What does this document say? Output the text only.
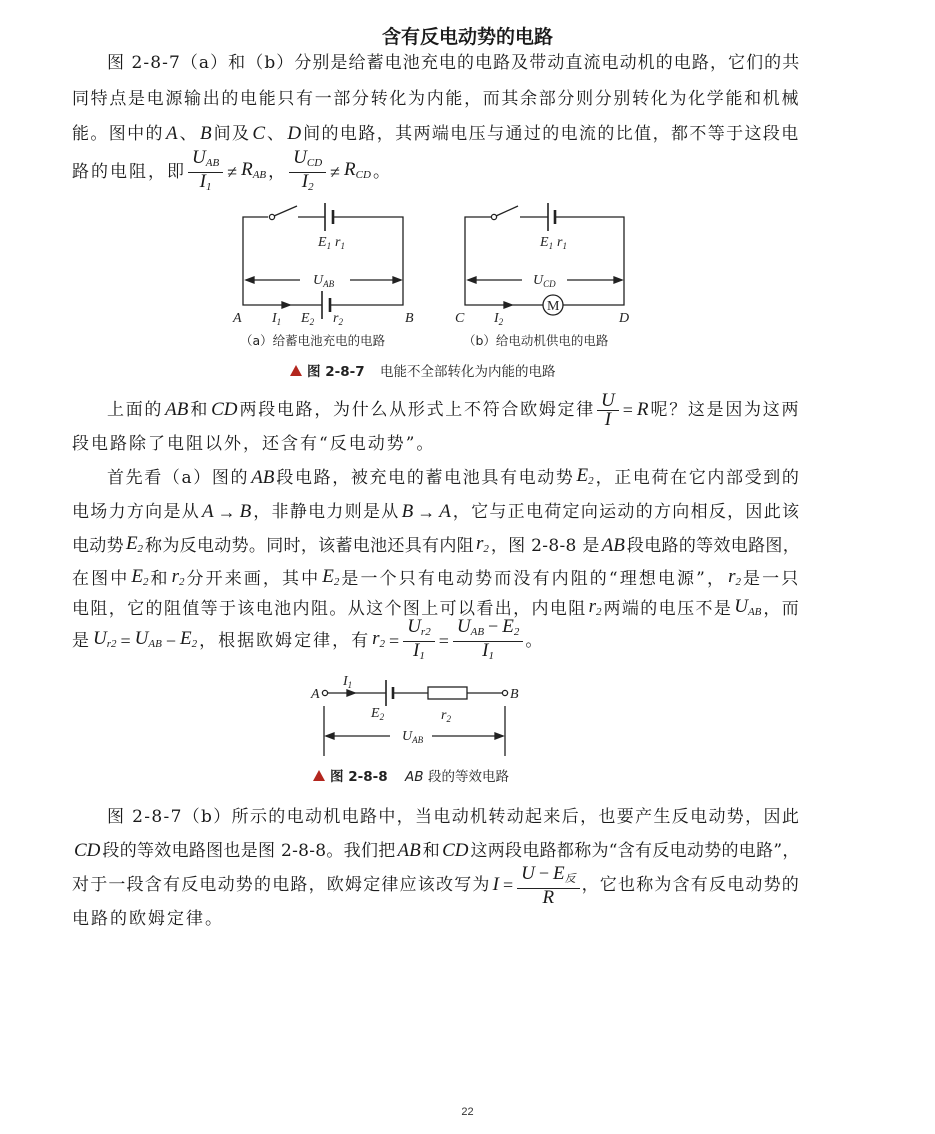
含有反电动势的电路
图 2-8-7（a）和（b）分别是给蓄电池充电的电路及带动直流电动机的电路，它们的共
同特点是电源输出的电能只有一部分转化为内能，而其余部分则分别转化为化学能和机械
能。图中的 A 、 B 间及 C 、 D 间的电路，其两端电压与通过的电流的比值，都不等于这段电
路的电阻，即 $\frac{U_{AB}}{I_1} \ne R_{AB}$ ， $\frac{U_{CD}}{I_2} \ne R_{CD}$ 。
上面的 AB 和 CD 两段电路，为什么从形式上不符合欧姆定律 $\frac{U}{I} = R$ 呢？这是因为这两
段电路除了电阻以外，还含有“反电动势”。
首先看（a）图的 AB 段电路，被充电的蓄电池具有电动势 $E_2$ ，正电荷在它内部受到的
电场力方向是从 A → B ，非静电力则是从 B → A ，它与正电荷定向运动的方向相反，因此该
电动势 $E_2$ 称为反电动势。同时，该蓄电池还具有内阻 $r_2$ ，图 2-8-8 是 AB 段电路的等效电路图，
在图中 $E_2$ 和 $r_2$ 分开来画，其中 $E_2$ 是一个只有电动势而没有内阻的“理想电源”， $r_2$ 是一只
电阻，它的阻值等于该电池内阻。从这个图上可以看出，内电阻 $r_2$ 两端的电压不是 $U_{AB}$ ，而
是 $U_{r2} = U_{AB} - E_2$ ，根据欧姆定律，有 $r_2 = \frac{U_{r2}}{I_1} = \frac{U_{AB} - E_2}{I_1}$ 。
图 2-8-7（b）所示的电动机电路中，当电动机转动起来后，也要产生反电动势，因此
CD 段的等效电路图也是图 2-8-8。我们把 AB 和 CD 这两段电路都称为“含有反电动势的电路”，
对于一段含有反电动势的电路，欧姆定律应该改写为 $I = \frac{U - E_反}{R}$ ，它也称为含有反电动势的
电路的欧姆定律。
$E_1$ $r_1$
$U_{AB}$
A $I_1$ $E_2$ $r_2$	B
（a）给蓄电池充电的电路
M
$E_1$ $r_1$
$U_{CD}$
C $I_2$	D
（b）给电动机供电的电路
图 2-8-7 电能不全部转化为内能的电路
A	B
$I_1$
$E_2$	$r_2$
$U_{AB}$
图 2-8-8 AB 段的等效电路
22
